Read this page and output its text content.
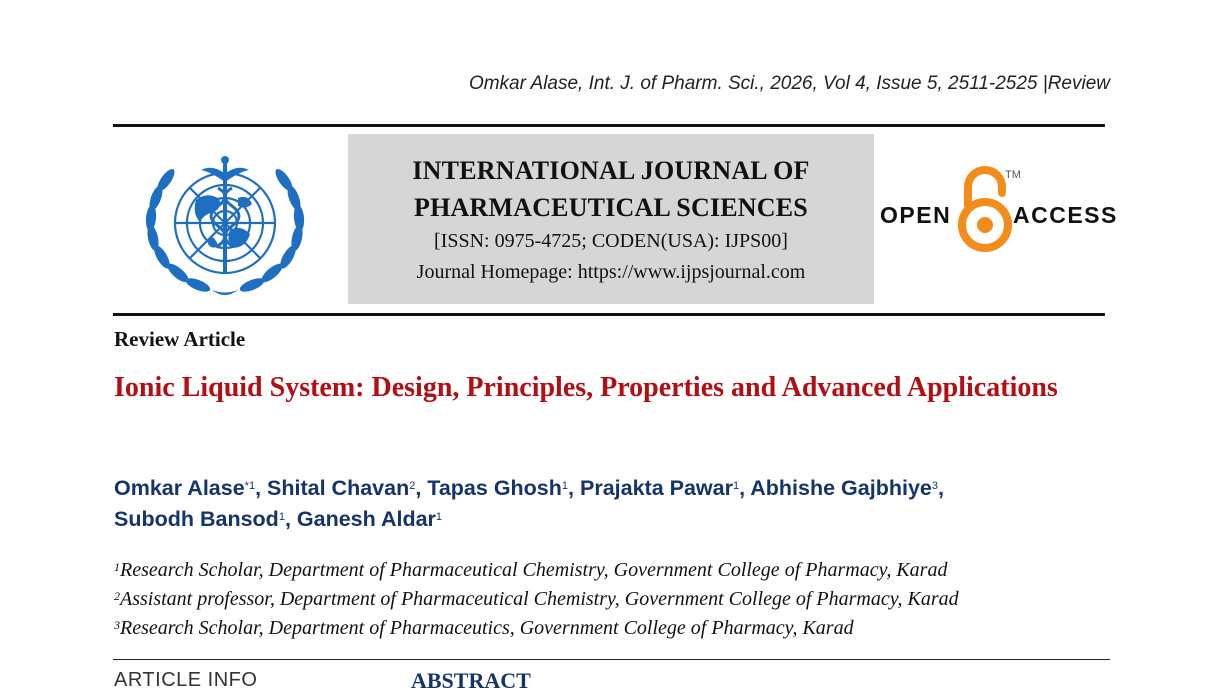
Omkar Alase, Int. J. of Pharm. Sci., 2026, Vol 4, Issue 5, 2511-2525 |Review
INTERNATIONAL JOURNAL OF
PHARMACEUTICAL SCIENCES
[ISSN: 0975-4725; CODEN(USA): IJPS00]
Journal Homepage: https://www.ijpsjournal.com
OPEN
TM
ACCESS
Review Article
Ionic Liquid System: Design, Principles, Properties and Advanced Applications
Omkar Alase$^{*1}$, Shital Chavan$^2$, Tapas Ghosh$^1$, Prajakta Pawar$^1$, Abhishe Gajbhiye$^3$,
Subodh Bansod$^1$, Ganesh Aldar$^1$
$^1$Research Scholar, Department of Pharmaceutical Chemistry, Government College of Pharmacy, Karad
$^2$Assistant professor, Department of Pharmaceutical Chemistry, Government College of Pharmacy, Karad
$^3$Research Scholar, Department of Pharmaceutics, Government College of Pharmacy, Karad
ARTICLE INFO	ABSTRACT
